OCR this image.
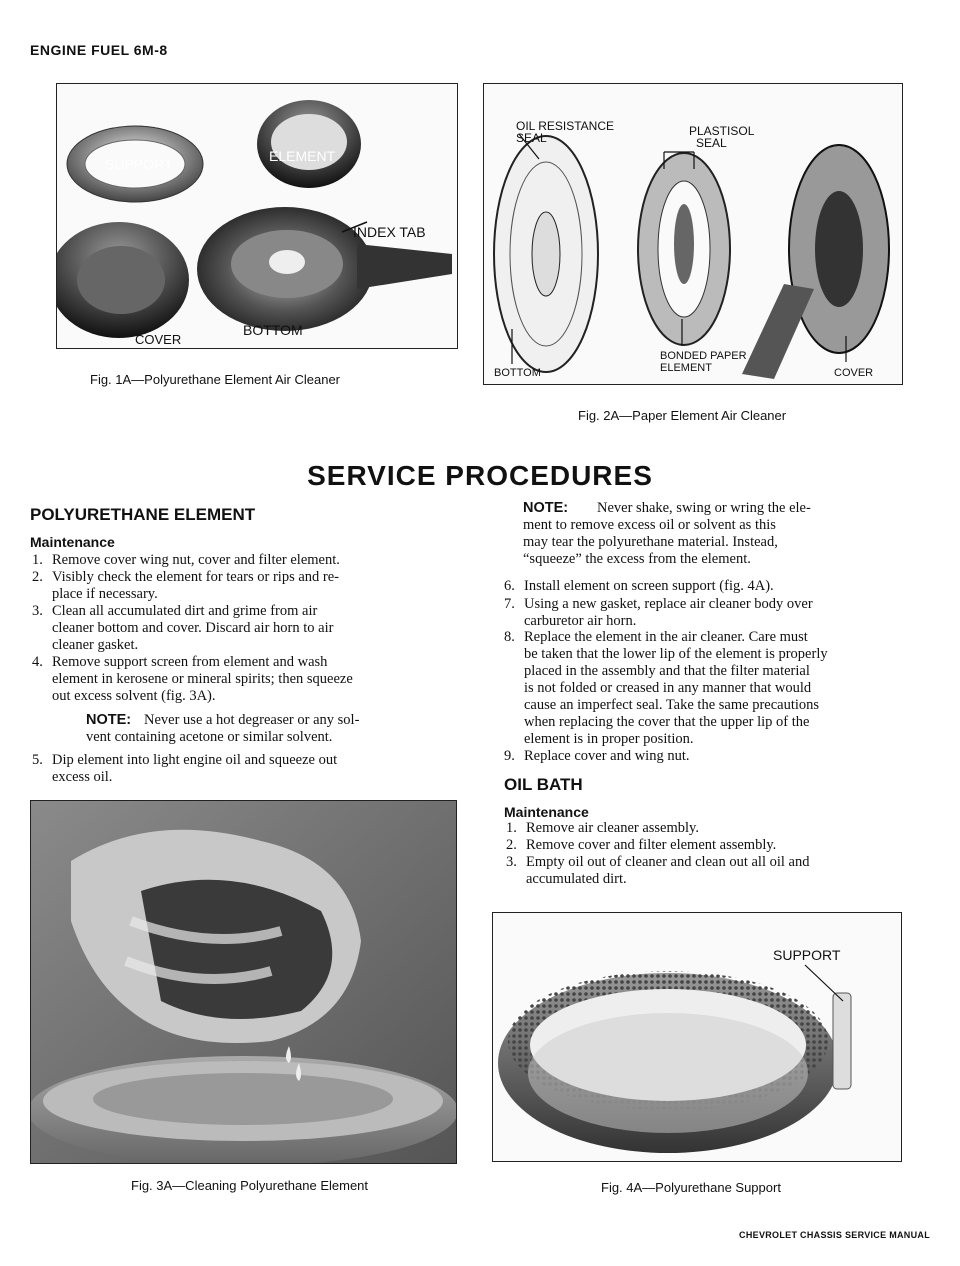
ENGINE FUEL 6M-8
SUPPORT	ELEMENT
INDEX TAB
BOTTOM
COVER
Fig. 1A—Polyurethane Element Air Cleaner
OIL RESISTANCE
SEAL	PLASTISOL
SEAL
BOTTOM
BONDED PAPER
ELEMENT	COVER
Fig. 2A—Paper Element Air Cleaner
SERVICE PROCEDURES
POLYURETHANE ELEMENT
Maintenance
1. Remove cover wing nut, cover and filter element.
2. Visibly check the element for tears or rips and re-
place if necessary.
3. Clean all accumulated dirt and grime from air
cleaner bottom and cover. Discard air horn to air
cleaner gasket.
4. Remove support screen from element and wash
element in kerosene or mineral spirits; then squeeze
out excess solvent (fig. 3A).
NOTE: Never use a hot degreaser or any sol-
vent containing acetone or similar solvent.
5. Dip element into light engine oil and squeeze out
excess oil.
Fig. 3A—Cleaning Polyurethane Element
NOTE: Never shake, swing or wring the ele-
ment to remove excess oil or solvent as this
may tear the polyurethane material. Instead,
“squeeze” the excess from the element.
6. Install element on screen support (fig. 4A).
7. Using a new gasket, replace air cleaner body over
carburetor air horn.
8. Replace the element in the air cleaner. Care must
be taken that the lower lip of the element is properly
placed in the assembly and that the filter material
is not folded or creased in any manner that would
cause an imperfect seal. Take the same precautions
when replacing the cover that the upper lip of the
element is in proper position.
9. Replace cover and wing nut.
OIL BATH
Maintenance
1. Remove air cleaner assembly.
2. Remove cover and filter element assembly.
3. Empty oil out of cleaner and clean out all oil and
accumulated dirt.
SUPPORT
Fig. 4A—Polyurethane Support
CHEVROLET CHASSIS SERVICE MANUAL
